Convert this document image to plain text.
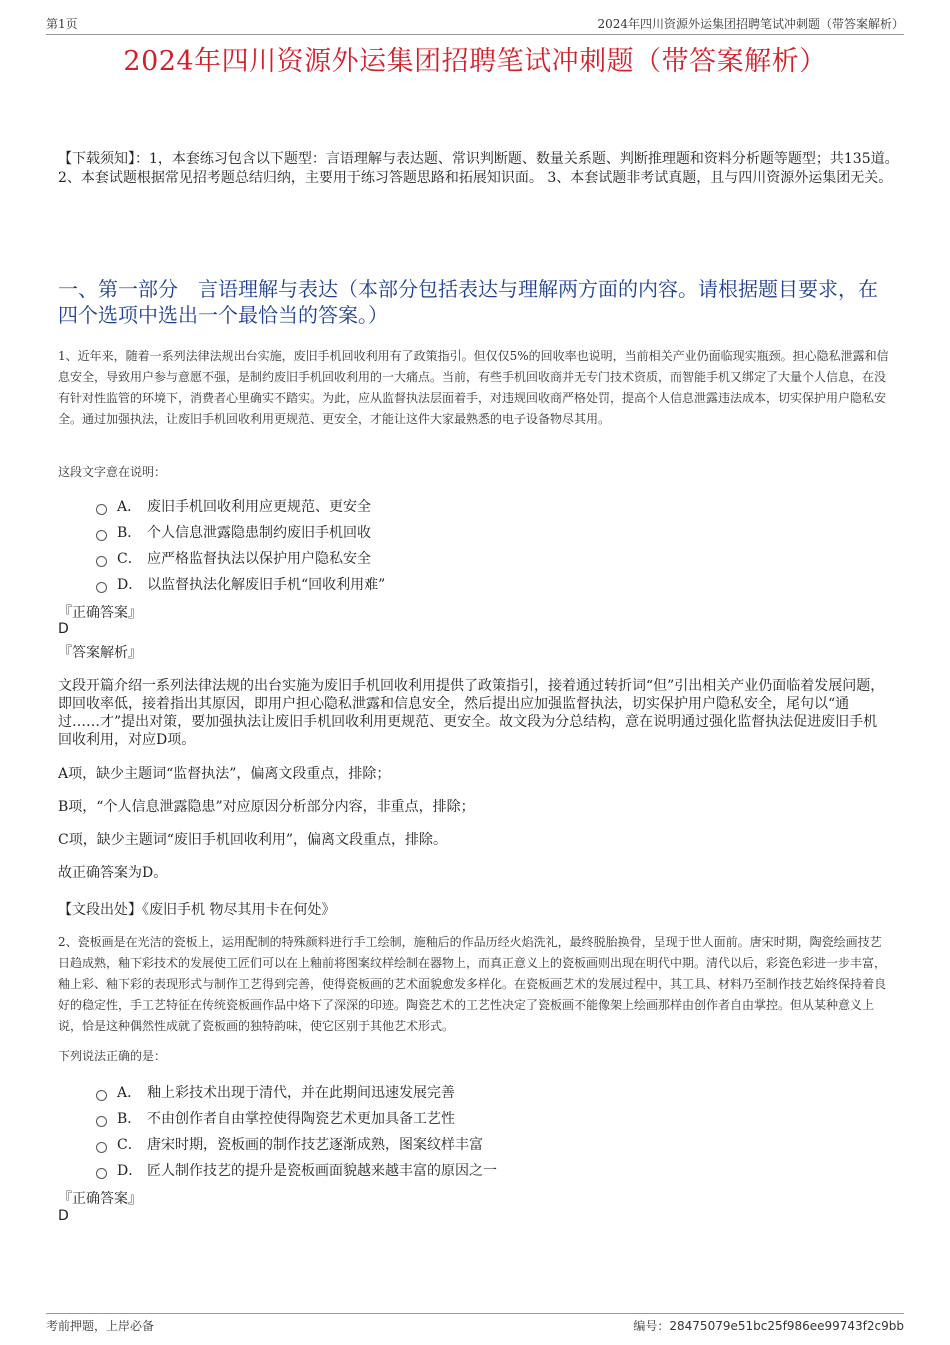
第1页	2024年四川资源外运集团招聘笔试冲刺题（带答案解析）
2024年四川资源外运集团招聘笔试冲刺题（带答案解析）
【下载须知】：1，本套练习包含以下题型：言语理解与表达题、常识判断题、数量关系题、判断推理题和资料分析题等题型；共135道。 2、本套试题根据常见招考题总结归纳，主要用于练习答题思路和拓展知识面。 3、本套试题非考试真题，且与四川资源外运集团无关。
一、第一部分　言语理解与表达（本部分包括表达与理解两方面的内容。请根据题目要求，在四个选项中选出一个最恰当的答案。）
1、近年来，随着一系列法律法规出台实施，废旧手机回收利用有了政策指引。但仅仅5%的回收率也说明，当前相关产业仍面临现实瓶颈。担心隐私泄露和信息安全，导致用户参与意愿不强，是制约废旧手机回收利用的一大痛点。当前，有些手机回收商并无专门技术资质，而智能手机又绑定了大量个人信息，在没有针对性监管的环境下，消费者心里确实不踏实。为此，应从监督执法层面着手，对违规回收商严格处罚，提高个人信息泄露违法成本，切实保护用户隐私安全。通过加强执法，让废旧手机回收利用更规范、更安全，才能让这件大家最熟悉的电子设备物尽其用。
这段文字意在说明：
A． 废旧手机回收利用应更规范、更安全
B． 个人信息泄露隐患制约废旧手机回收
C． 应严格监督执法以保护用户隐私安全
D． 以监督执法化解废旧手机“回收利用难”
『正确答案』
D
『答案解析』
文段开篇介绍一系列法律法规的出台实施为废旧手机回收利用提供了政策指引，接着通过转折词“但”引出相关产业仍面临着发展问题，即回收率低，接着指出其原因，即用户担心隐私泄露和信息安全，然后提出应加强监督执法，切实保护用户隐私安全，尾句以“通过……才”提出对策，要加强执法让废旧手机回收利用更规范、更安全。故文段为分总结构，意在说明通过强化监督执法促进废旧手机回收利用，对应D项。
A项，缺少主题词“监督执法”，偏离文段重点，排除；
B项，“个人信息泄露隐患”对应原因分析部分内容，非重点，排除；
C项，缺少主题词“废旧手机回收利用”，偏离文段重点，排除。
故正确答案为D。
【文段出处】《废旧手机 物尽其用卡在何处》
2、瓷板画是在光洁的瓷板上，运用配制的特殊颜料进行手工绘制，施釉后的作品历经火焰洗礼，最终脱胎换骨，呈现于世人面前。唐宋时期，陶瓷绘画技艺日趋成熟，釉下彩技术的发展使工匠们可以在上釉前将图案纹样绘制在器物上，而真正意义上的瓷板画则出现在明代中期。清代以后，彩瓷色彩进一步丰富，釉上彩、釉下彩的表现形式与制作工艺得到完善，使得瓷板画的艺术面貌愈发多样化。在瓷板画艺术的发展过程中，其工具、材料乃至制作技艺始终保持着良好的稳定性，手工艺特征在传统瓷板画作品中烙下了深深的印迹。陶瓷艺术的工艺性决定了瓷板画不能像架上绘画那样由创作者自由掌控。但从某种意义上说，恰是这种偶然性成就了瓷板画的独特韵味，使它区别于其他艺术形式。
下列说法正确的是：
A． 釉上彩技术出现于清代，并在此期间迅速发展完善
B． 不由创作者自由掌控使得陶瓷艺术更加具备工艺性
C． 唐宋时期，瓷板画的制作技艺逐渐成熟，图案纹样丰富
D． 匠人制作技艺的提升是瓷板画面貌越来越丰富的原因之一
『正确答案』
D
考前押题，上岸必备	编号：28475079e51bc25f986ee99743f2c9bb
